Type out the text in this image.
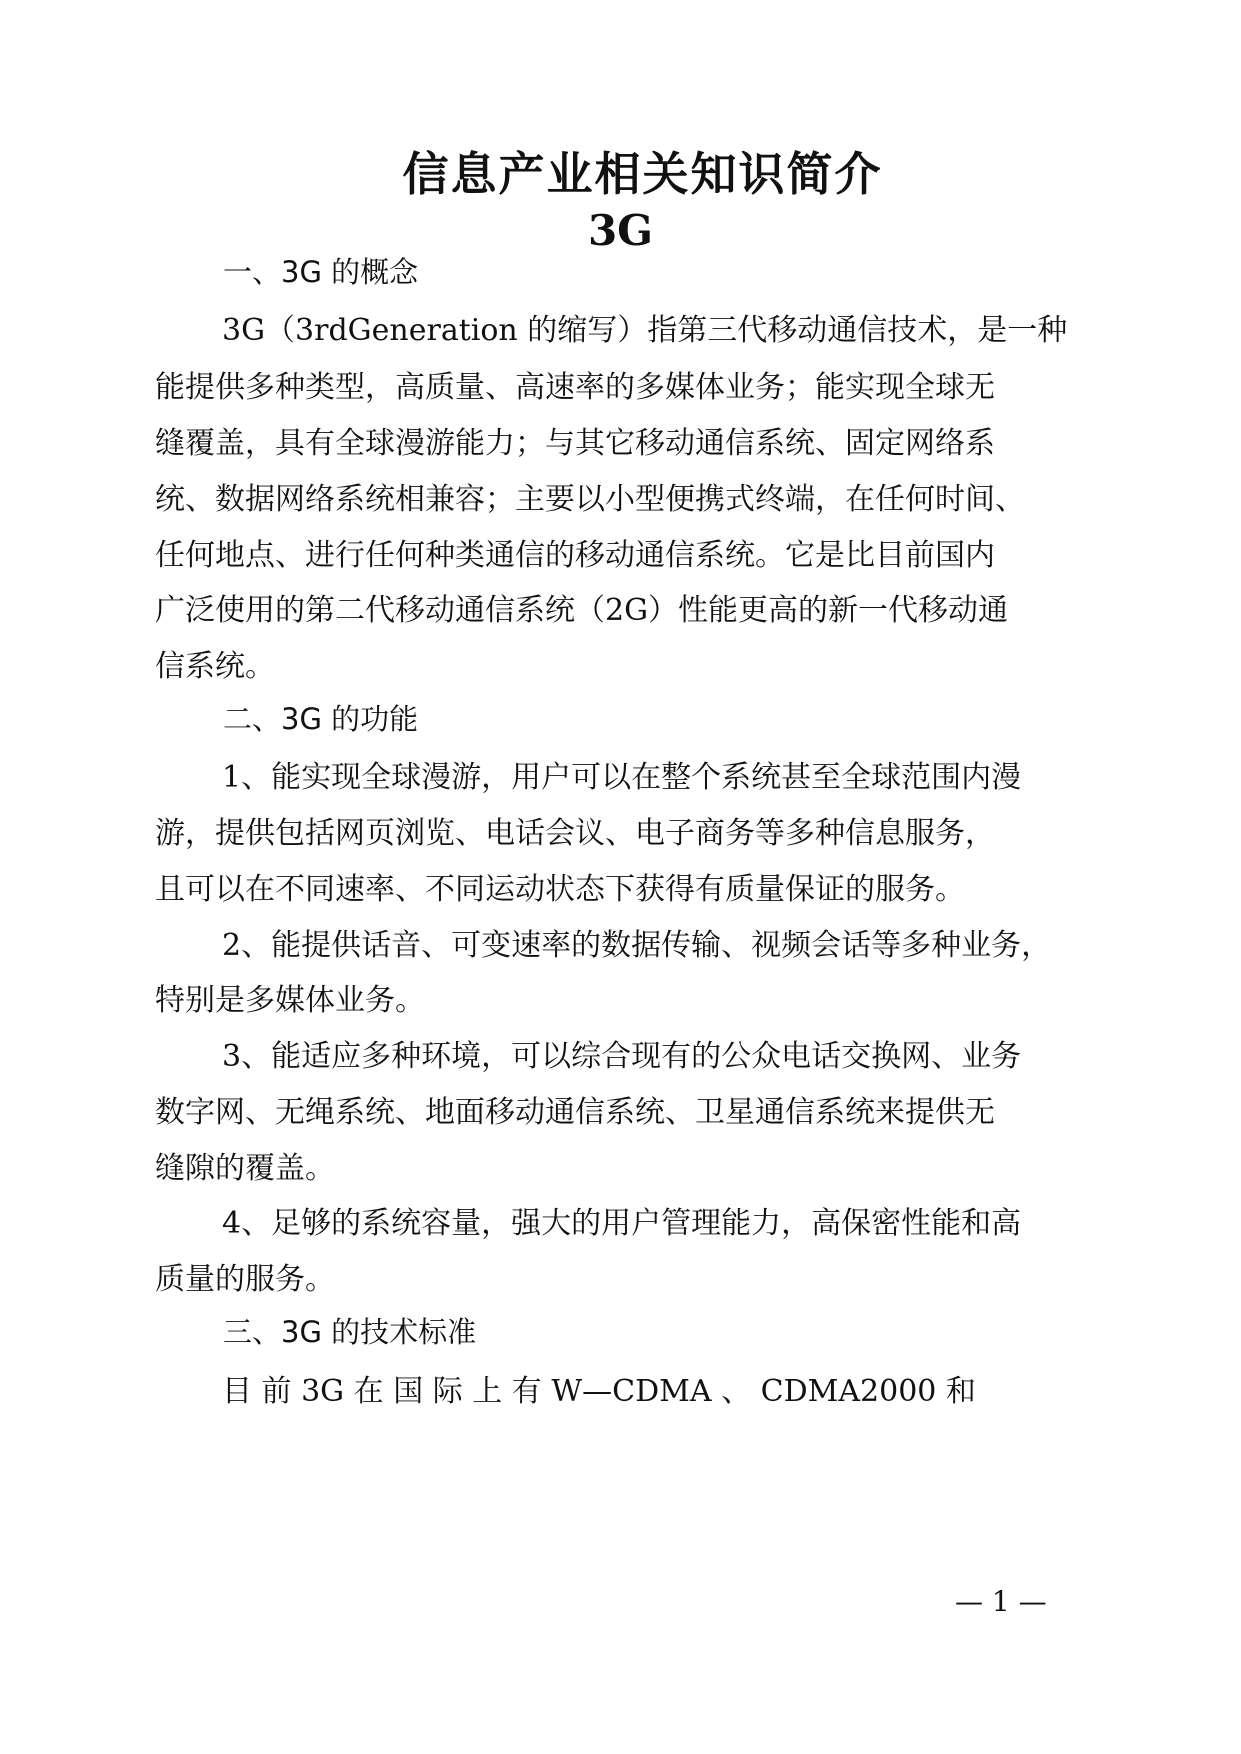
信息产业相关知识简介
3G
一、3G 的概念
3G（3rdGeneration 的缩写）指第三代移动通信技术，是一种
能提供多种类型，高质量、高速率的多媒体业务；能实现全球无
缝覆盖，具有全球漫游能力；与其它移动通信系统、固定网络系
统、数据网络系统相兼容；主要以小型便携式终端，在任何时间、
任何地点、进行任何种类通信的移动通信系统。它是比目前国内
广泛使用的第二代移动通信系统（2G）性能更高的新一代移动通
信系统。
二、3G 的功能
1、能实现全球漫游，用户可以在整个系统甚至全球范围内漫
游，提供包括网页浏览、电话会议、电子商务等多种信息服务，
且可以在不同速率、不同运动状态下获得有质量保证的服务。
2、能提供话音、可变速率的数据传输、视频会话等多种业务，
特别是多媒体业务。
3、能适应多种环境，可以综合现有的公众电话交换网、业务
数字网、无绳系统、地面移动通信系统、卫星通信系统来提供无
缝隙的覆盖。
4、足够的系统容量，强大的用户管理能力，高保密性能和高
质量的服务。
三、3G 的技术标准
目 前 3G 在 国 际 上 有 W—CDMA 、 CDMA2000 和
— 1 —
